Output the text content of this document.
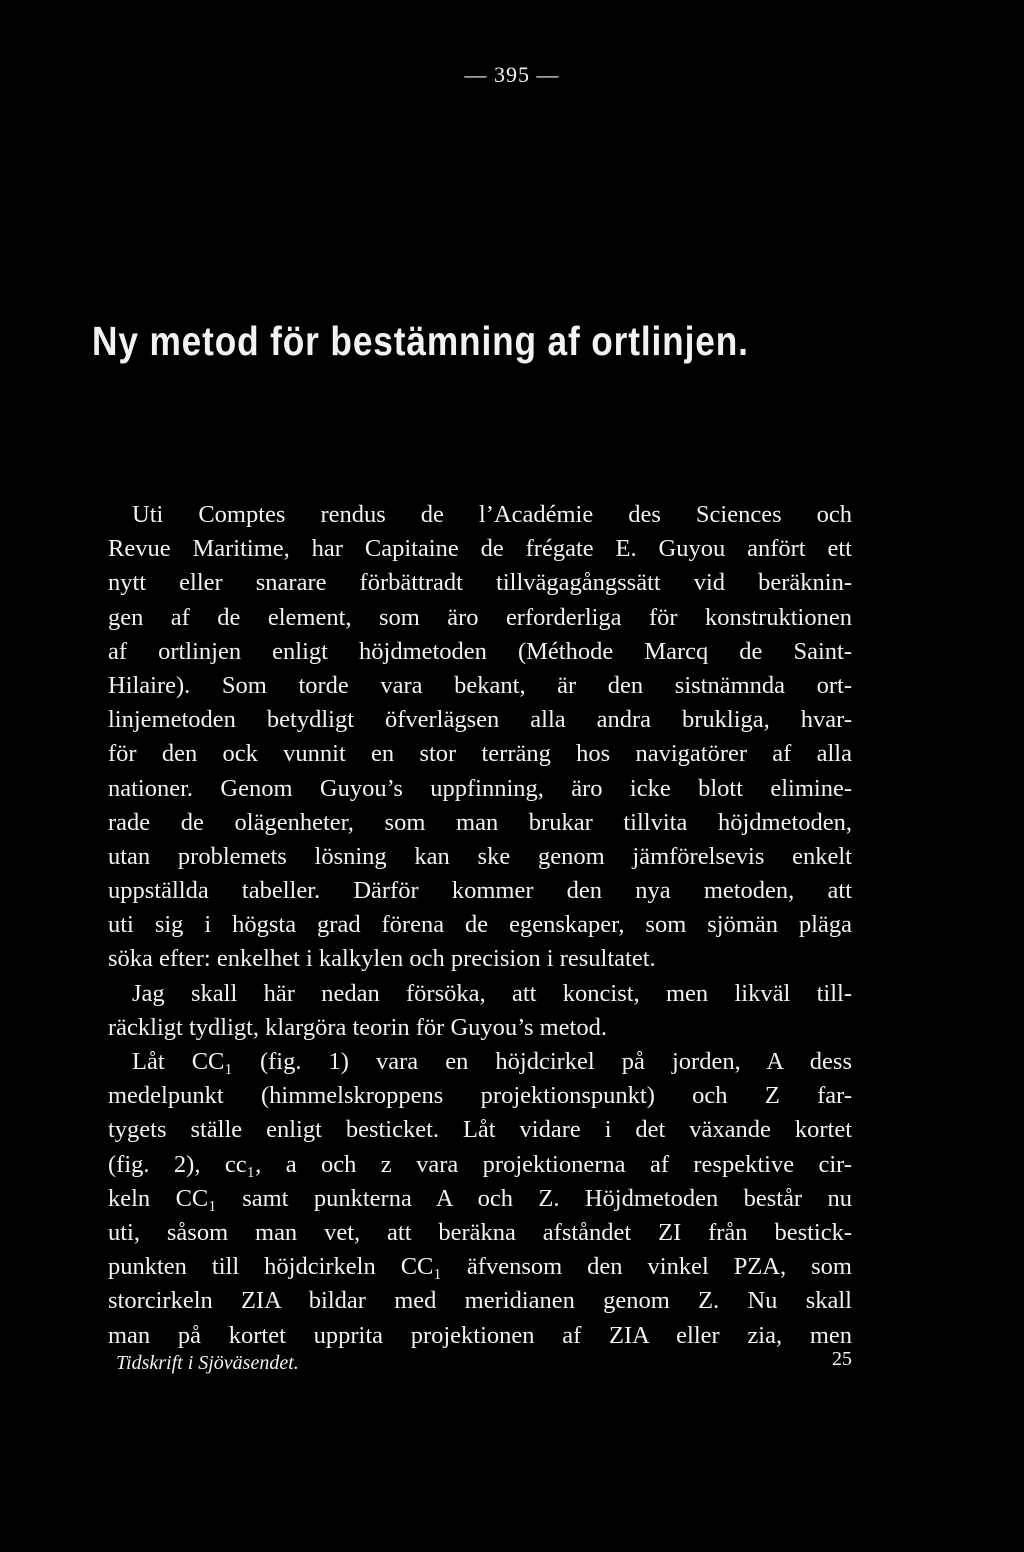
— 395 —
Ny metod för bestämning af ortlinjen.
Uti Comptes rendus de l’Académie des Sciences och
Revue Maritime, har Capitaine de frégate E. Guyou anfört ett
nytt eller snarare förbättradt tillvägagångssätt vid beräknin-
gen af de element, som äro erforderliga för konstruktionen
af ortlinjen enligt höjdmetoden (Méthode Marcq de Saint-
Hilaire). Som torde vara bekant, är den sistnämnda ort-
linjemetoden betydligt öfverlägsen alla andra brukliga, hvar-
för den ock vunnit en stor terräng hos navigatörer af alla
nationer. Genom Guyou’s uppfinning, äro icke blott elimine-
rade de olägenheter, som man brukar tillvita höjdmetoden,
utan problemets lösning kan ske genom jämförelsevis enkelt
uppställda tabeller. Därför kommer den nya metoden, att
uti sig i högsta grad förena de egenskaper, som sjömän pläga
söka efter: enkelhet i kalkylen och precision i resultatet.
Jag skall här nedan försöka, att koncist, men likväl till-
räckligt tydligt, klargöra teorin för Guyou’s metod.
Låt CC₁ (fig. 1) vara en höjdcirkel på jorden, A dess
medelpunkt (himmelskroppens projektionspunkt) och Z far-
tygets ställe enligt besticket. Låt vidare i det växande kortet
(fig. 2), cc₁, a och z vara projektionerna af respektive cir-
keln CC₁ samt punkterna A och Z. Höjdmetoden består nu
uti, såsom man vet, att beräkna afståndet ZI från bestick-
punkten till höjdcirkeln CC₁ äfvensom den vinkel PZA, som
storcirkeln ZIA bildar med meridianen genom Z. Nu skall
man på kortet upprita projektionen af ZIA eller zia, men
Tidskrift i Sjöväsendet.	25
